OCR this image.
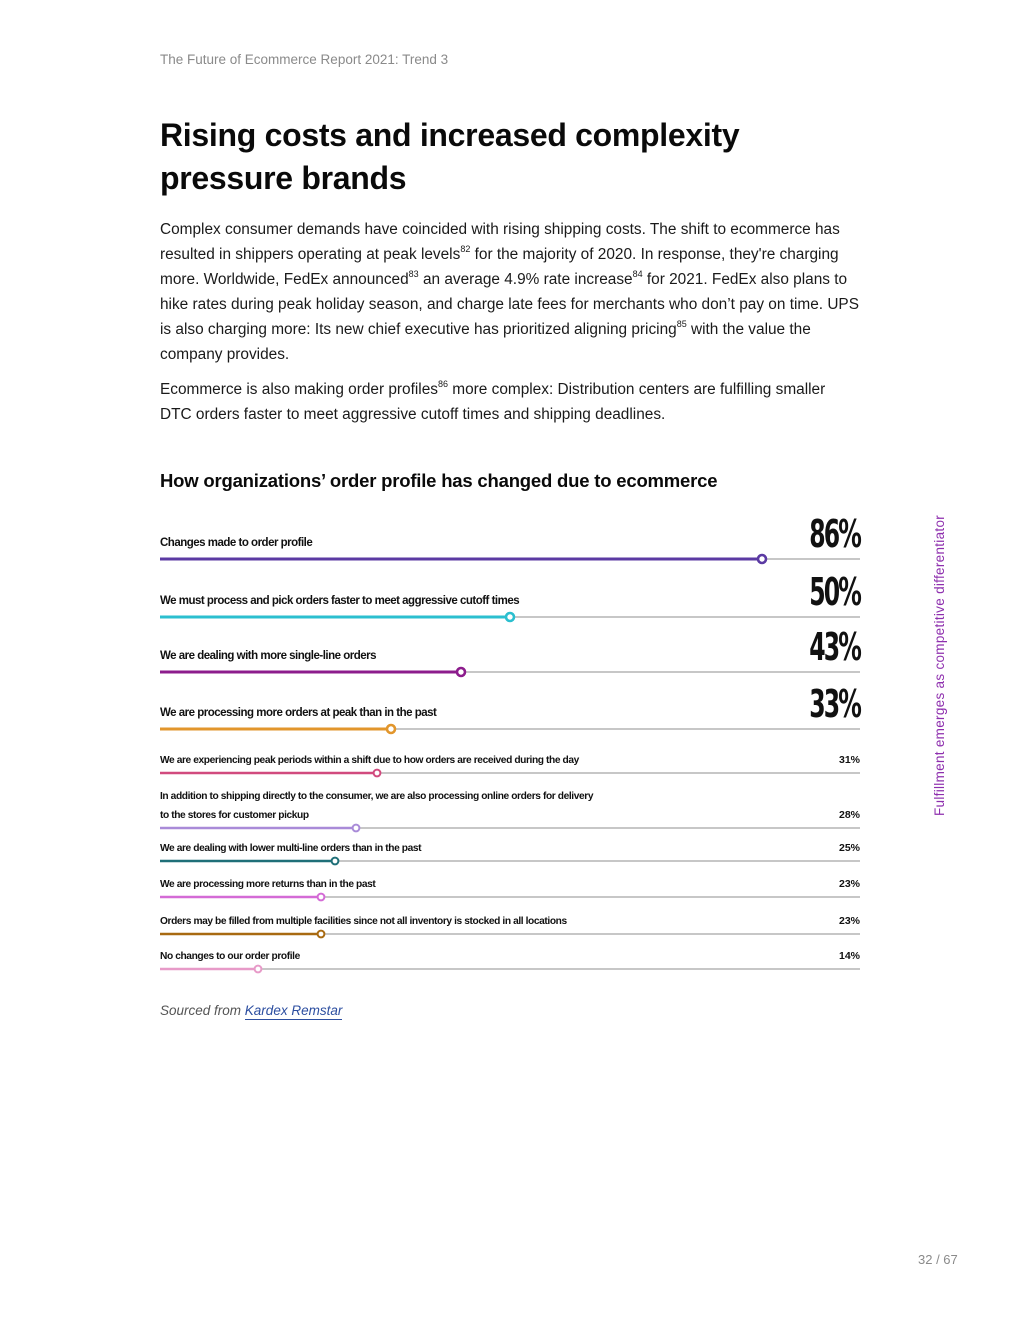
The Future of Ecommerce Report 2021: Trend 3
Rising costs and increased complexity pressure brands

Complex consumer demands have coincided with rising shipping costs. The shift to ecommerce has resulted in shippers operating at peak levels$^{82}$ for the majority of 2020. In response, they're charging more. Worldwide, FedEx announced$^{83}$ an average 4.9% rate increase$^{84}$ for 2021. FedEx also plans to hike rates during peak holiday season, and charge late fees for merchants who don’t pay on time. UPS is also charging more: Its new chief executive has prioritized aligning pricing$^{85}$ with the value the company provides.

Ecommerce is also making order profiles$^{86}$ more complex: Distribution centers are fulfilling smaller DTC orders faster to meet aggressive cutoff times and shipping deadlines.

How organizations’ order profile has changed due to ecommerce
Changes made to order profile	86%
We must process and pick orders faster to meet aggressive cutoff times	50%
We are dealing with more single-line orders	43%
We are processing more orders at peak than in the past	33%
We are experiencing peak periods within a shift due to how orders are received during the day	31%
In addition to shipping directly to the consumer, we are also processing online orders for delivery
to the stores for customer pickup	28%
We are dealing with lower multi-line orders than in the past	25%
We are processing more returns than in the past	23%
Orders may be filled from multiple facilities since not all inventory is stocked in all locations	23%
No changes to our order profile	14%
Sourced from Kardex Remstar
Fulfillment emerges as competitive differentiator
32 / 67
